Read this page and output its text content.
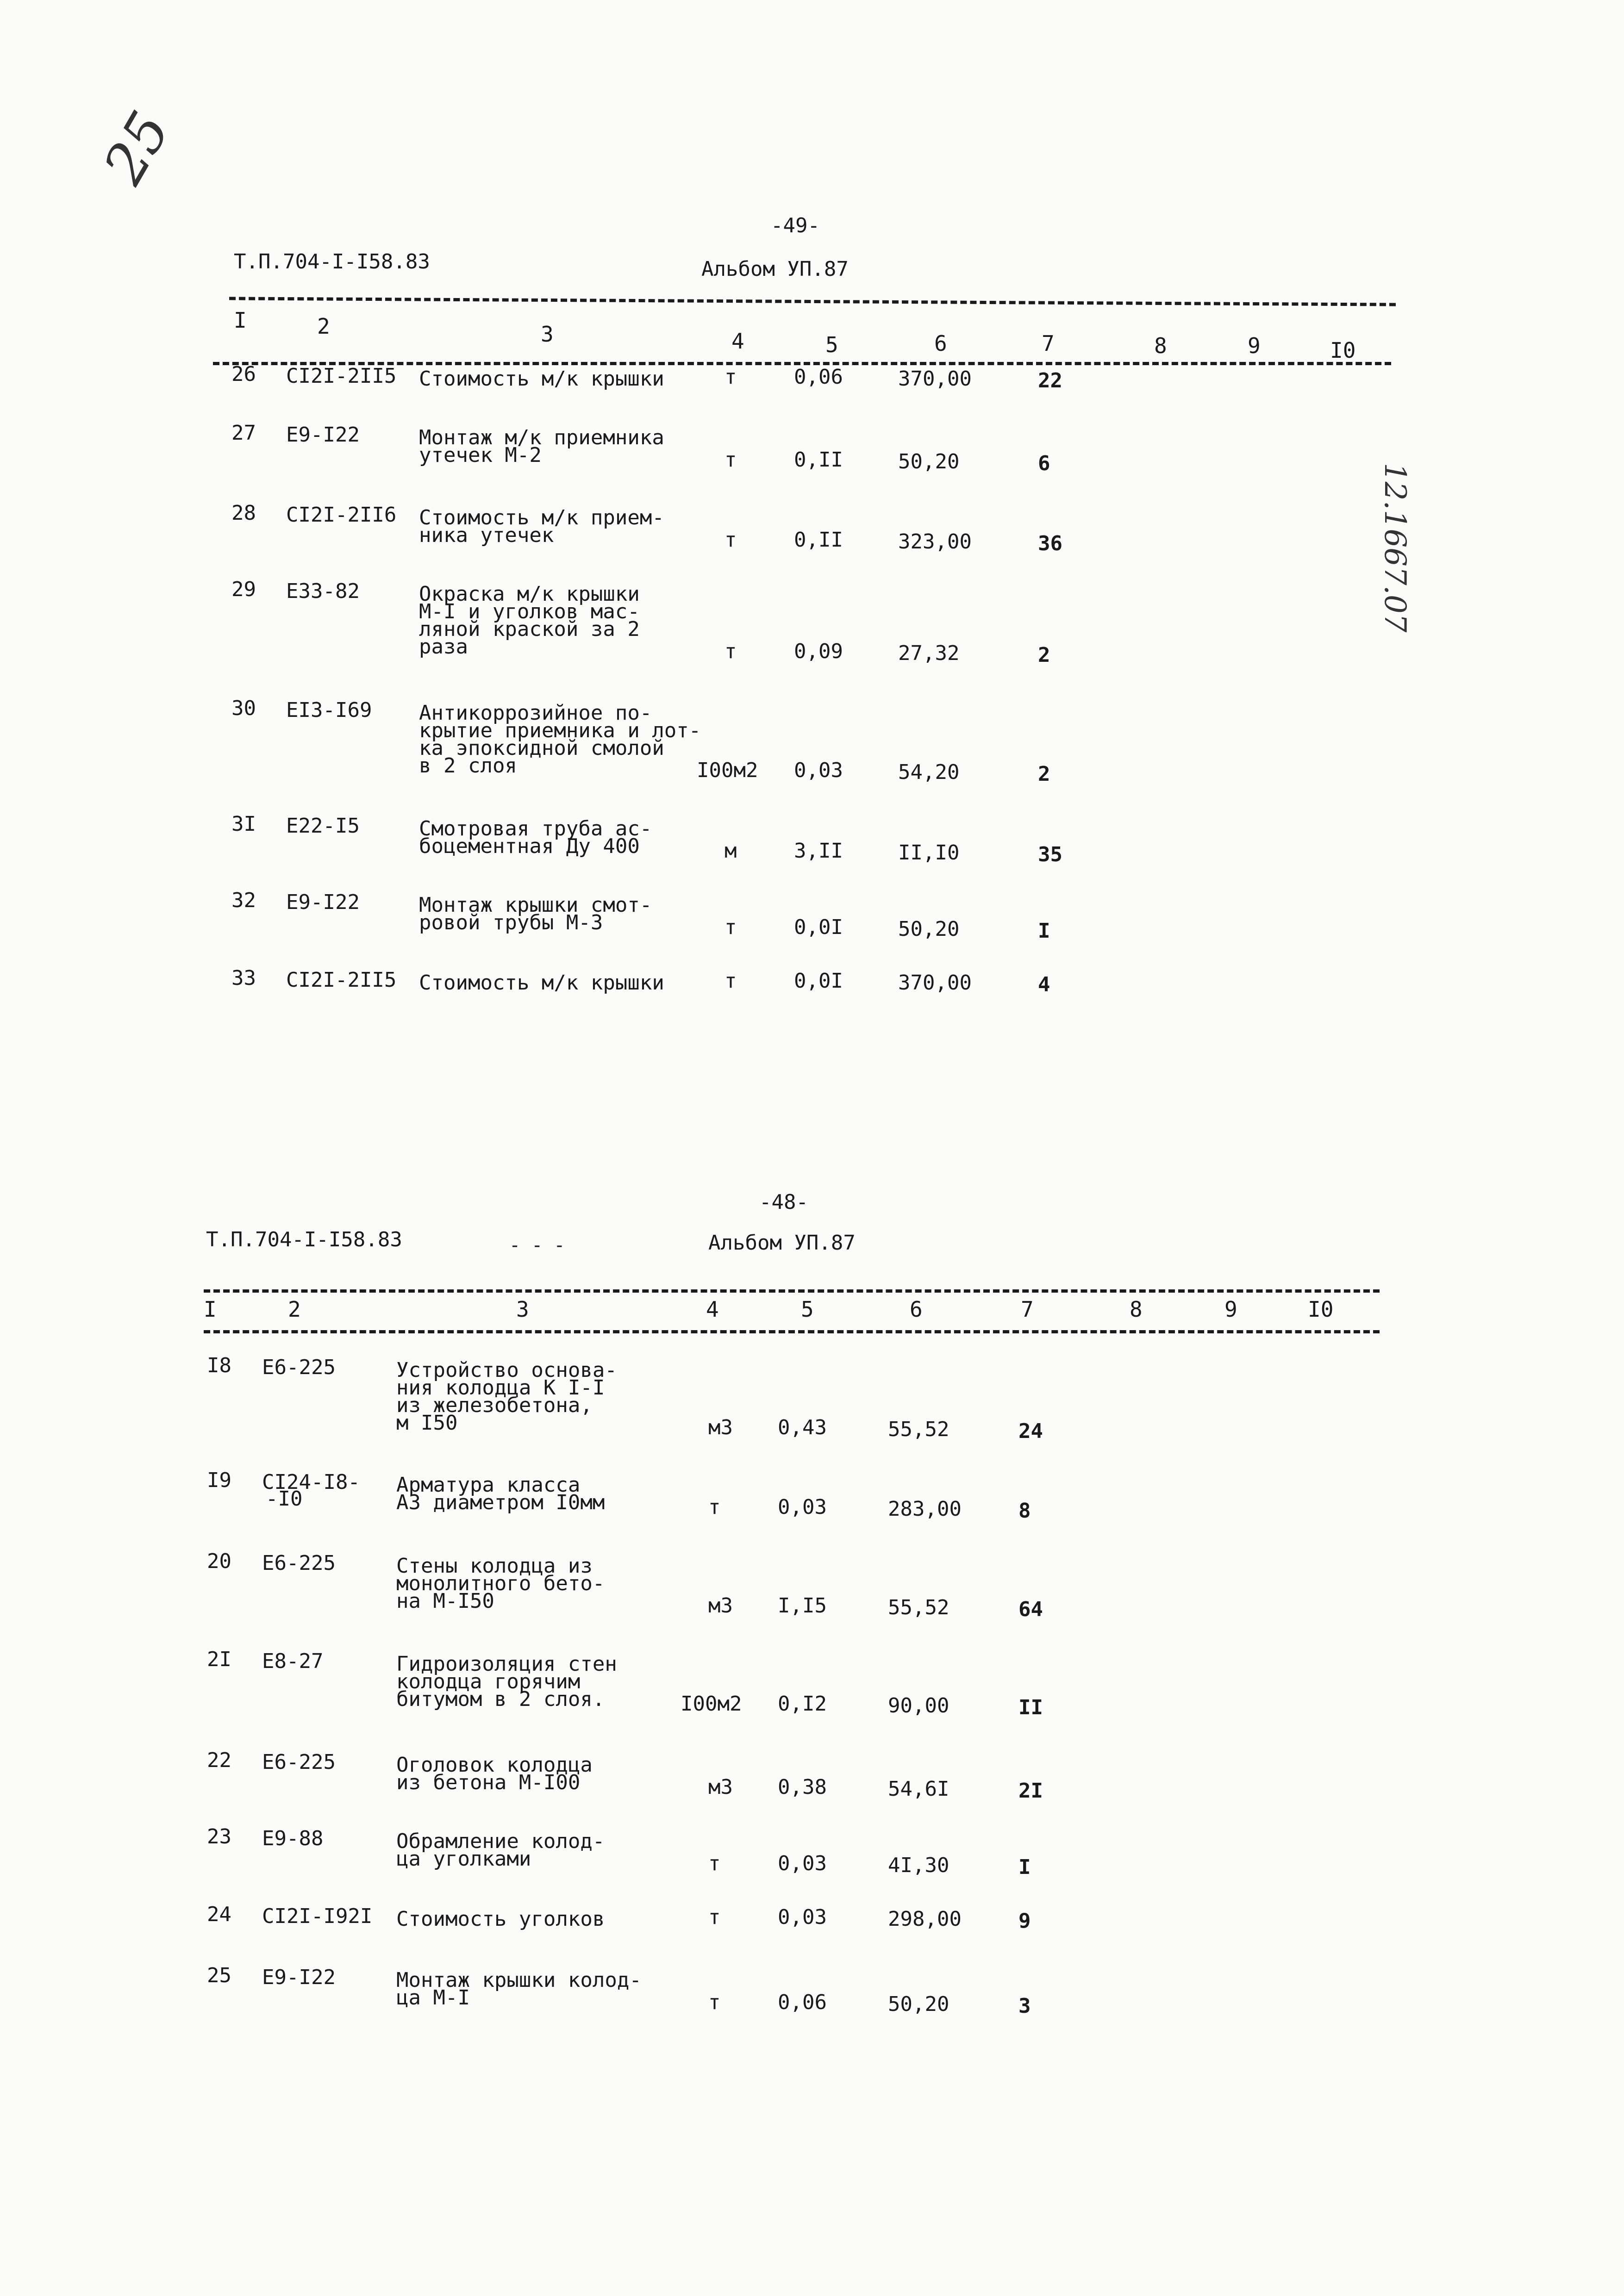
25
12.1667.07
-49-
Т.П.704-I-I58.83	Альбом УП.87
I	2	3	4	5	6	7	8	9	I0
26 CI2I-2II5 Стоимость м/к крышки	т	0,06	370,00	22
27 E9-I22	Монтаж м/к приемника
утечек М-2	т	0,II	50,20	6
28 CI2I-2II6 Стоимость м/к прием-
ника утечек	т	0,II	323,00	36
29 E33-82	Окраска м/к крышки
М-I и уголков мас-
ляной краской за 2
раза	т	0,09	27,32	2
30 EI3-I69 Антикоррозийное по-
крытие приемника и лот-
ка эпоксидной смолой
в 2 слоя	I00м2 0,03	54,20	2
3I E22-I5	Смотровая труба ас-
боцементная Ду 400	м	3,II	II,I0	35
32 E9-I22	Монтаж крышки смот-
ровой трубы М-3	т	0,0I	50,20	I
33 CI2I-2II5 Стоимость м/к крышки	т	0,0I	370,00	4
-48-
Т.П.704-I-I58.83	- - -	Альбом УП.87
I	2	3	4	5	6	7	8	9	I0
I8 E6-225	Устройство основа-
ния колодца К I-I
из железобетона,
м I50	м3 0,43	55,52	24
I9 CI24-I8-
-I0
Арматура класса
А3 диаметром I0мм	т	0,03	283,00	8
20 E6-225	Стены колодца из
монолитного бето-
на М-I50	м3 I,I5	55,52	64
2I E8-27	Гидроизоляция стен
колодца горячим
битумом в 2 слоя.	I00м2 0,I2	90,00	II
22 E6-225	Оголовок колодца
из бетона М-I00	м3 0,38	54,6I	2I
23 E9-88	Обрамление колод-
ца уголками	т	0,03	4I,30	I
24 CI2I-I92I Стоимость уголков	т	0,03	298,00	9
25 E9-I22	Монтаж крышки колод-
ца М-I	т	0,06	50,20	3
